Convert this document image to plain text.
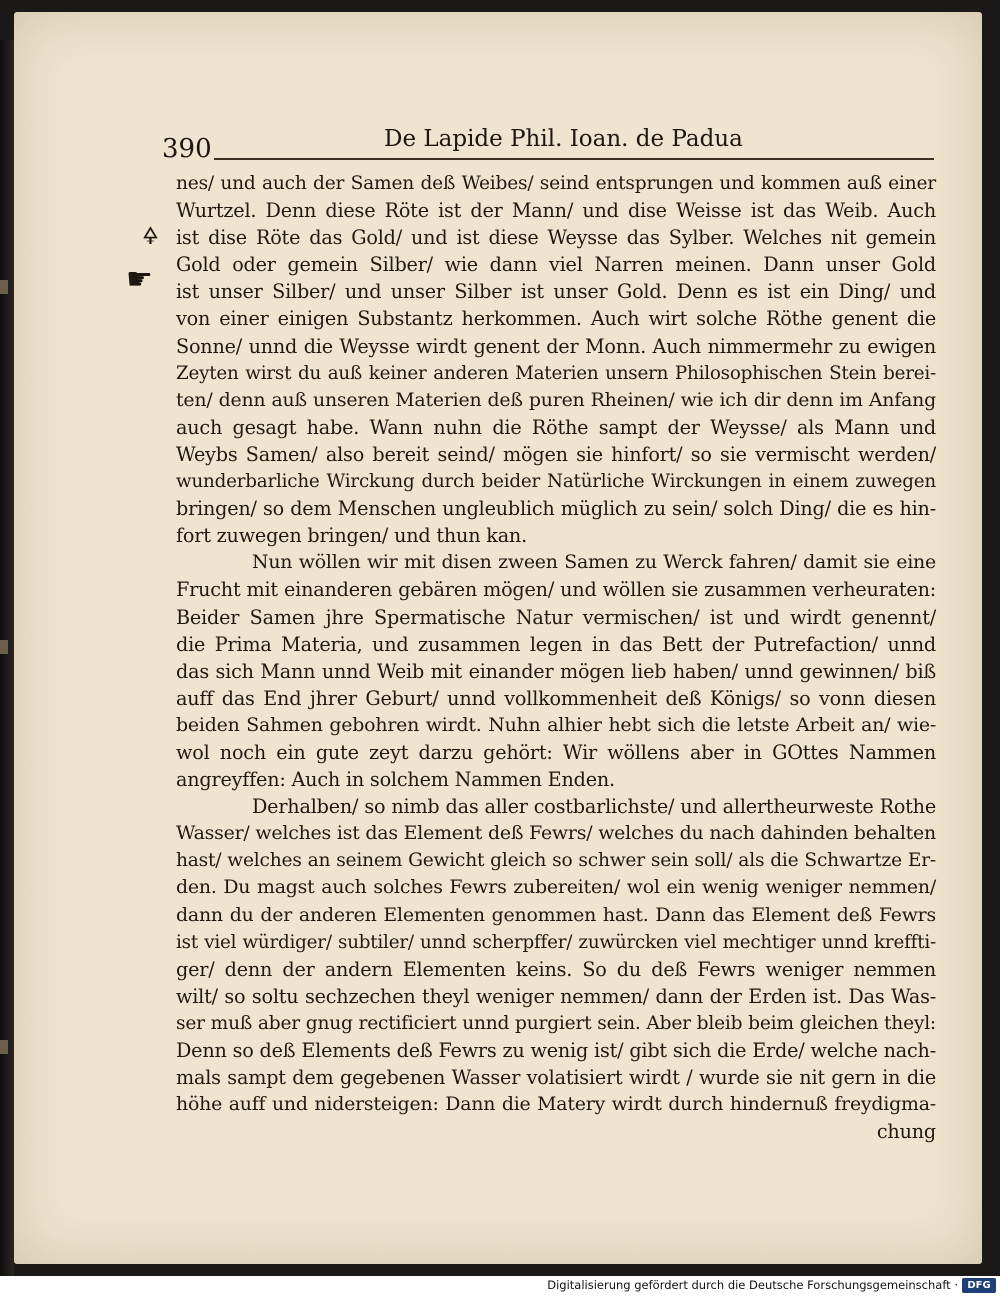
390	De Lapide Phil. Ioan. de Padua
🜍
☛
nes/ und auch der Samen deß Weibes/ seind entsprungen und kommen auß einer
Wurtzel. Denn diese Röte ist der Mann/ und dise Weisse ist das Weib. Auch
ist dise Röte das Gold/ und ist diese Weysse das Sylber. Welches nit gemein
Gold oder gemein Silber/ wie dann viel Narren meinen. Dann unser Gold
ist unser Silber/ und unser Silber ist unser Gold. Denn es ist ein Ding/ und
von einer einigen Substantz herkommen. Auch wirt solche Röthe genent die
Sonne/ unnd die Weysse wirdt genent der Monn. Auch nimmermehr zu ewigen
Zeyten wirst du auß keiner anderen Materien unsern Philosophischen Stein berei-
ten/ denn auß unseren Materien deß puren Rheinen/ wie ich dir denn im Anfang
auch gesagt habe. Wann nuhn die Röthe sampt der Weysse/ als Mann und
Weybs Samen/ also bereit seind/ mögen sie hinfort/ so sie vermischt werden/
wunderbarliche Wirckung durch beider Natürliche Wirckungen in einem zuwegen
bringen/ so dem Menschen ungleublich müglich zu sein/ solch Ding/ die es hin-
fort zuwegen bringen/ und thun kan.
Nun wöllen wir mit disen zween Samen zu Werck fahren/ damit sie eine
Frucht mit einanderen gebären mögen/ und wöllen sie zusammen verheuraten:
Beider Samen jhre Spermatische Natur vermischen/ ist und wirdt genennt/
die Prima Materia, und zusammen legen in das Bett der Putrefaction/ unnd
das sich Mann unnd Weib mit einander mögen lieb haben/ unnd gewinnen/ biß
auff das End jhrer Geburt/ unnd vollkommenheit deß Königs/ so vonn diesen
beiden Sahmen gebohren wirdt. Nuhn alhier hebt sich die letste Arbeit an/ wie-
wol noch ein gute zeyt darzu gehört: Wir wöllens aber in GOttes Nammen
angreyffen: Auch in solchem Nammen Enden.
Derhalben/ so nimb das aller costbarlichste/ und allertheurweste Rothe
Wasser/ welches ist das Element deß Fewrs/ welches du nach dahinden behalten
hast/ welches an seinem Gewicht gleich so schwer sein soll/ als die Schwartze Er-
den. Du magst auch solches Fewrs zubereiten/ wol ein wenig weniger nemmen/
dann du der anderen Elementen genommen hast. Dann das Element deß Fewrs
ist viel würdiger/ subtiler/ unnd scherpffer/ zuwürcken viel mechtiger unnd kreffti-
ger/ denn der andern Elementen keins. So du deß Fewrs weniger nemmen
wilt/ so soltu sechzechen theyl weniger nemmen/ dann der Erden ist. Das Was-
ser muß aber gnug rectificiert unnd purgiert sein. Aber bleib beim gleichen theyl:
Denn so deß Elements deß Fewrs zu wenig ist/ gibt sich die Erde/ welche nach-
mals sampt dem gegebenen Wasser volatisiert wirdt / wurde sie nit gern in die
höhe auff und nidersteigen: Dann die Matery wirdt durch hindernuß freydigma-
chung
Digitalisierung gefördert durch die Deutsche Forschungsgemeinschaft · DFG
